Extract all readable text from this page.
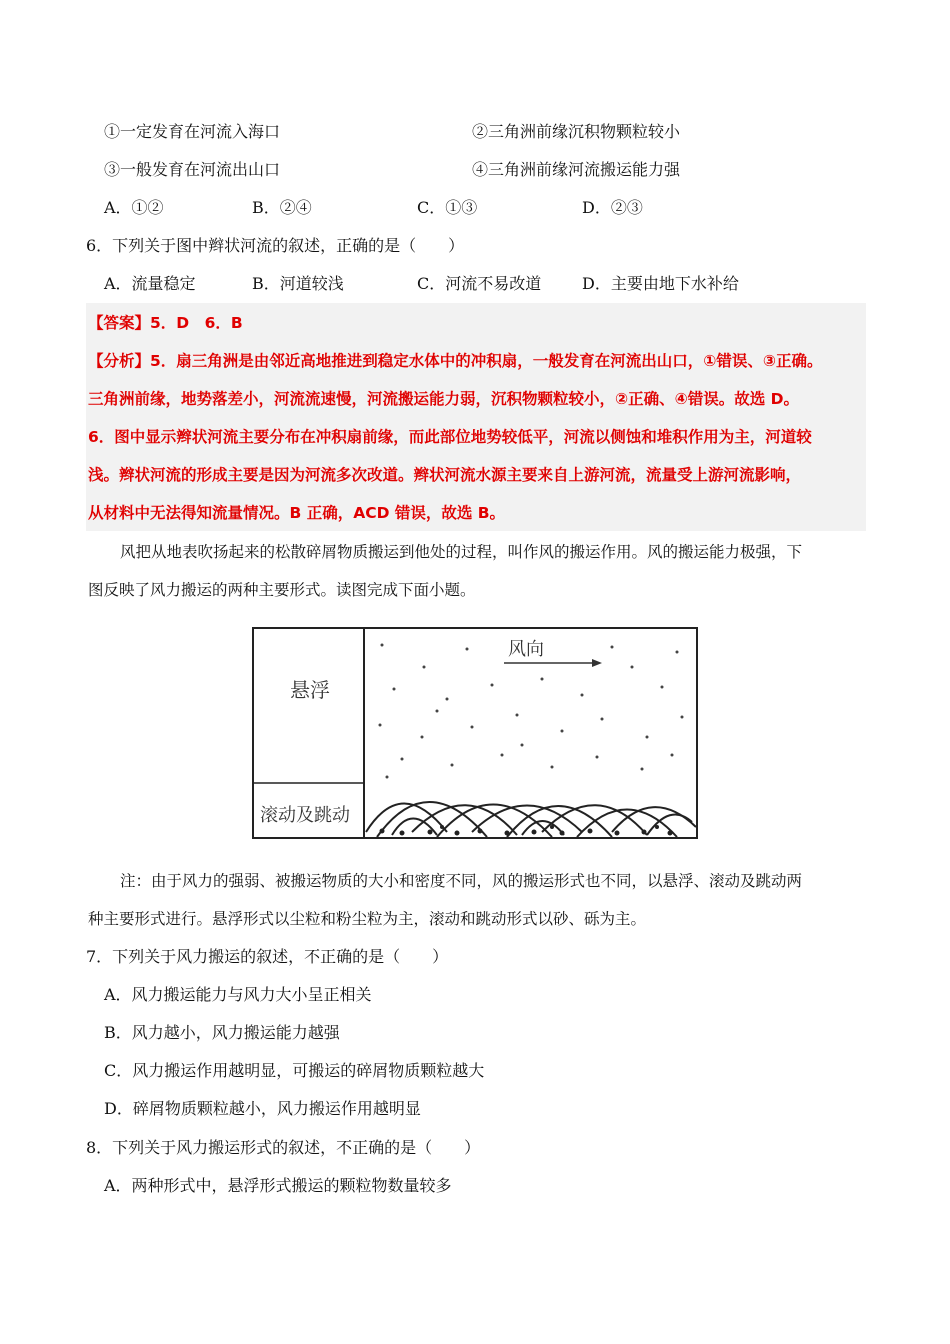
①一定发育在河流入海口	②三角洲前缘沉积物颗粒较小
③一般发育在河流出山口	④三角洲前缘河流搬运能力强
A．①②	B．②④	C．①③	D．②③
6．下列关于图中辫状河流的叙述，正确的是（　　）
A．流量稳定	B．河道较浅	C．河流不易改道	D．主要由地下水补给
【答案】5．D　6．B
【分析】5．扇三角洲是由邻近高地推进到稳定水体中的冲积扇，一般发育在河流出山口，①错误、③正确。
三角洲前缘，地势落差小，河流流速慢，河流搬运能力弱，沉积物颗粒较小，②正确、④错误。故选 D。
6．图中显示辫状河流主要分布在冲积扇前缘，而此部位地势较低平，河流以侧蚀和堆积作用为主，河道较
浅。辫状河流的形成主要是因为河流多次改道。辫状河流水源主要来自上游河流，流量受上游河流影响，
从材料中无法得知流量情况。B 正确，ACD 错误，故选 B。
风把从地表吹扬起来的松散碎屑物质搬运到他处的过程，叫作风的搬运作用。风的搬运能力极强，下
图反映了风力搬运的两种主要形式。读图完成下面小题。
悬浮
滚动及跳动
风向
注：由于风力的强弱、被搬运物质的大小和密度不同，风的搬运形式也不同，以悬浮、滚动及跳动两
种主要形式进行。悬浮形式以尘粒和粉尘粒为主，滚动和跳动形式以砂、砾为主。
7．下列关于风力搬运的叙述，不正确的是（　　）
A．风力搬运能力与风力大小呈正相关
B．风力越小，风力搬运能力越强
C．风力搬运作用越明显，可搬运的碎屑物质颗粒越大
D．碎屑物质颗粒越小，风力搬运作用越明显
8．下列关于风力搬运形式的叙述，不正确的是（　　）
A．两种形式中，悬浮形式搬运的颗粒物数量较多
